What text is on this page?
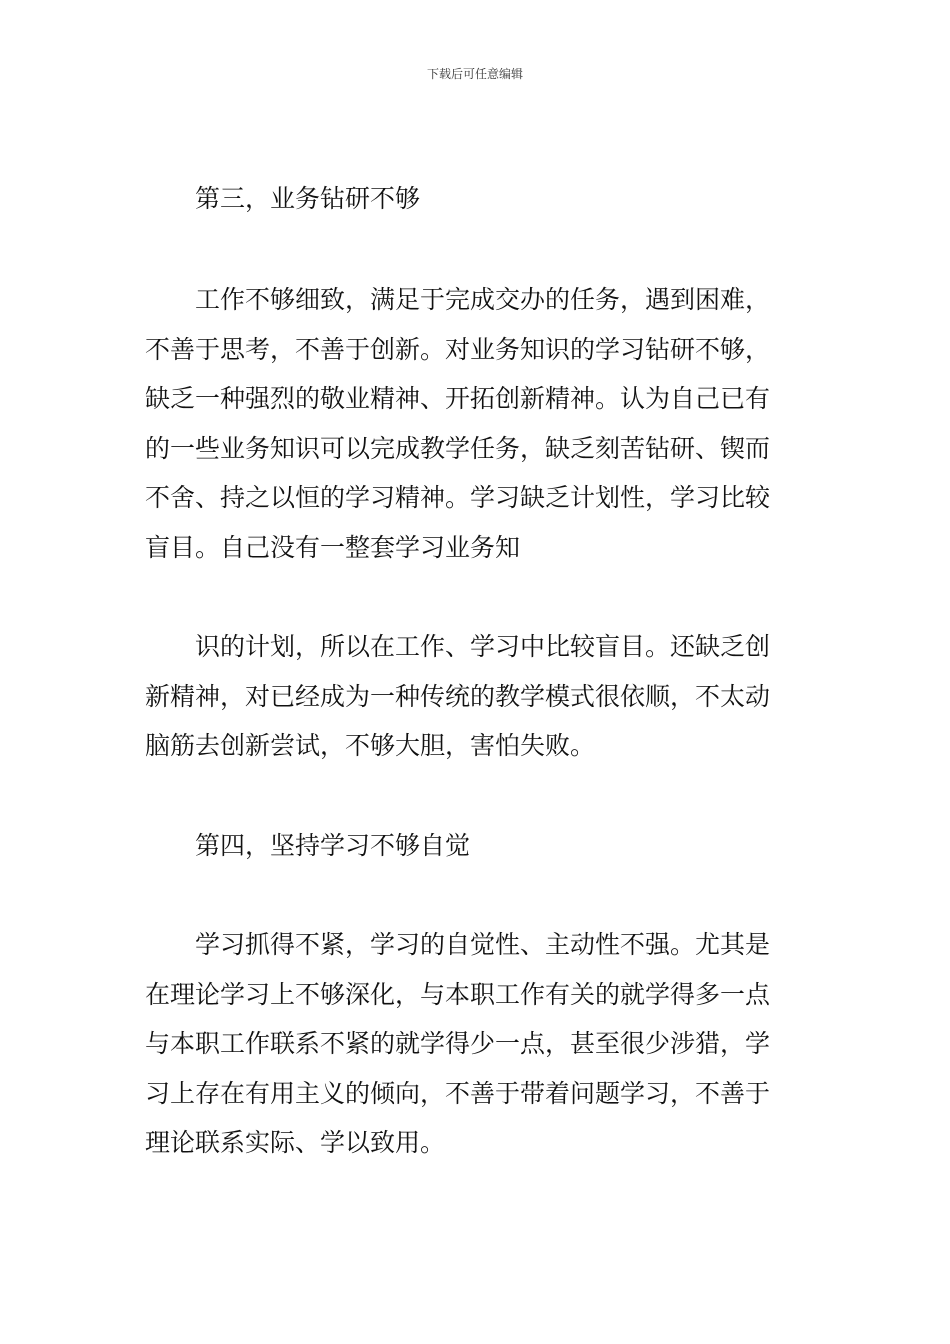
下载后可任意编辑
第三，业务钻研不够
工作不够细致，满足于完成交办的任务，遇到困难，
不善于思考，不善于创新。对业务知识的学习钻研不够，
缺乏一种强烈的敬业精神、开拓创新精神。认为自己已有
的一些业务知识可以完成教学任务，缺乏刻苦钻研、锲而
不舍、持之以恒的学习精神。学习缺乏计划性，学习比较
盲目。自己没有一整套学习业务知
识的计划，所以在工作、学习中比较盲目。还缺乏创
新精神，对已经成为一种传统的教学模式很依顺，不太动
脑筋去创新尝试，不够大胆，害怕失败。
第四，坚持学习不够自觉
学习抓得不紧，学习的自觉性、主动性不强。尤其是
在理论学习上不够深化，与本职工作有关的就学得多一点
与本职工作联系不紧的就学得少一点，甚至很少涉猎，学
习上存在有用主义的倾向，不善于带着问题学习，不善于
理论联系实际、学以致用。
